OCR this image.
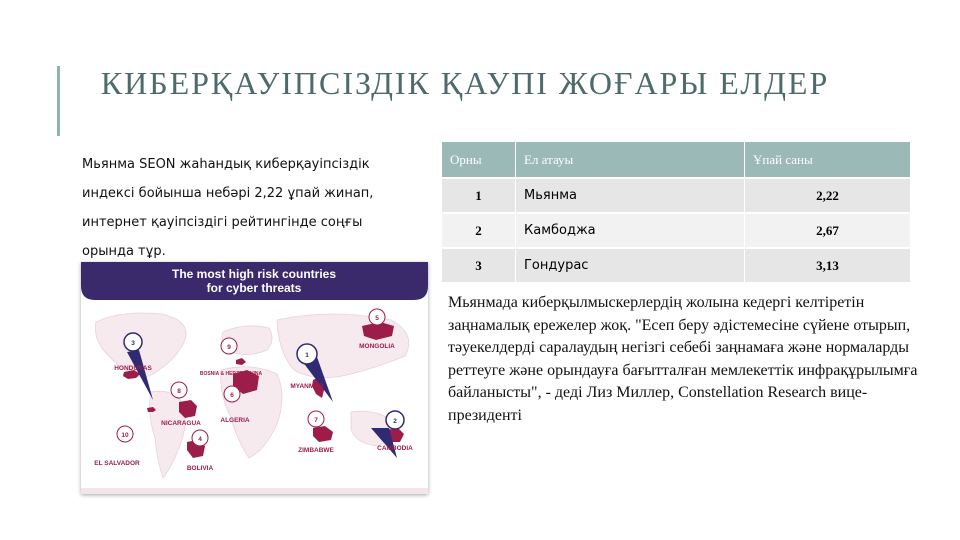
КИБЕРҚАУІПСІЗДІК ҚАУПІ ЖОҒАРЫ ЕЛДЕР
Мьянма SEON жаһандық киберқауіпсіздік индексі бойынша небәрі 2,22 ұпай жинап, интернет қауіпсіздігі рейтингінде соңғы орында тұр.
The most high risk countries
for cyber threats
1
MYANMAR
2
CAMBODIA
3
HONDURAS
4
BOLIVIA
5
MONGOLIA
6
ALGERIA	7
ZIMBABWE
8
NICARAGUA
9
BOSNIA & HERZEGOVINA
10
EL SALVADOR
Орны	Ел атауы	Ұпай саны
1	Мьянма	2,22
2	Камбоджа	2,67
3	Гондурас	3,13
Мьянмада киберқылмыскерлердің жолына кедергі келтіретін заңнамалық ережелер жоқ. "Есеп беру әдістемесіне сүйене отырып, тәуекелдерді саралаудың негізгі себебі заңнамаға және нормаларды реттеуге және орындауға бағытталған мемлекеттік инфрақұрылымға байланысты", - деді Лиз Миллер, Constellation Research вице-президенті
